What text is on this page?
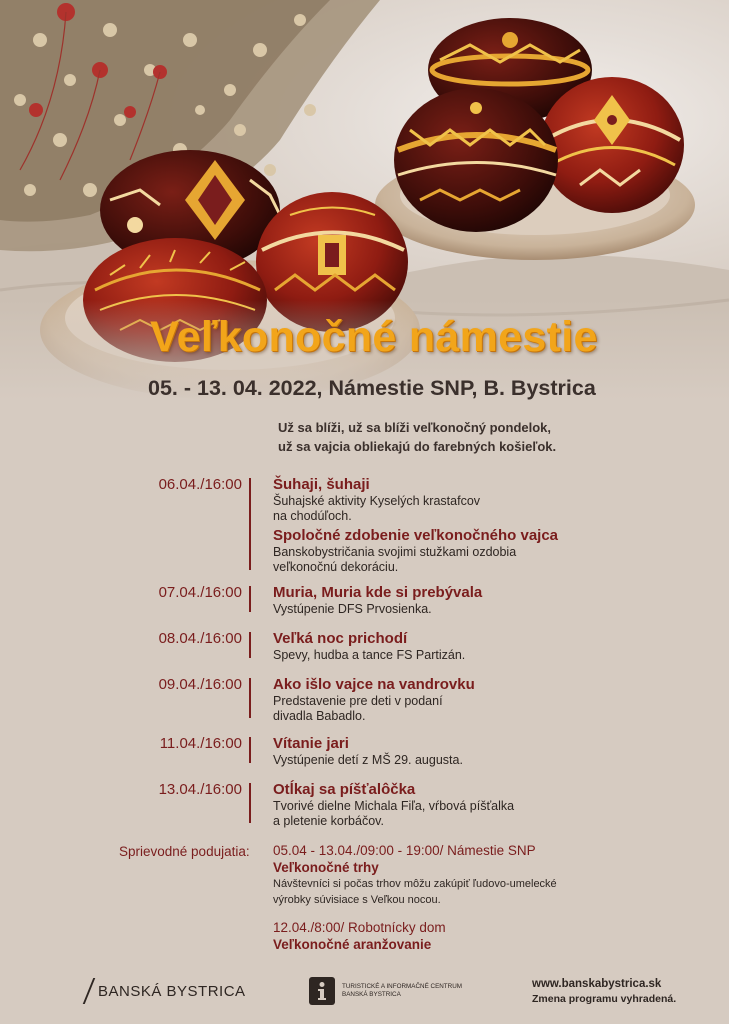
Veľkonočné námestie
05. - 13. 04. 2022, Námestie SNP, B. Bystrica
Už sa blíži, už sa blíži veľkonočný pondelok,
už sa vajcia obliekajú do farebných košieľok.
06.04./16:00 Šuhaji, šuhaji
Šuhajské aktivity Kyselých krastafcov
na chodúľoch.
Spoločné zdobenie veľkonočného vajca
Banskobystričania svojimi stužkami ozdobia
veľkonočnú dekoráciu.
07.04./16:00 Muria, Muria kde si prebývala
Vystúpenie DFS Prvosienka.
08.04./16:00 Veľká noc prichodí
Spevy, hudba a tance FS Partizán.
09.04./16:00 Ako išlo vajce na vandrovku
Predstavenie pre deti v podaní
divadla Babadlo.
11.04./16:00 Vítanie jari
Vystúpenie detí z MŠ 29. augusta.
13.04./16:00 Otĺkaj sa píšťalôčka
Tvorivé dielne Michala Fiľa, vŕbová píšťalka
a pletenie korbáčov.
Sprievodné podujatia: 05.04 - 13.04./09:00 - 19:00/ Námestie SNP
Veľkonočné trhy
Návštevníci si počas trhov môžu zakúpiť ľudovo-umelecké
výrobky súvisiace s Veľkou nocou.
12.04./8:00/ Robotnícky dom
Veľkonočné aranžovanie
BANSKÁ BYSTRICA	TURISTICKÉ A INFORMAČNÉ CENTRUM
BANSKÁ BYSTRICA
www.banskabystrica.sk
Zmena programu vyhradená.
